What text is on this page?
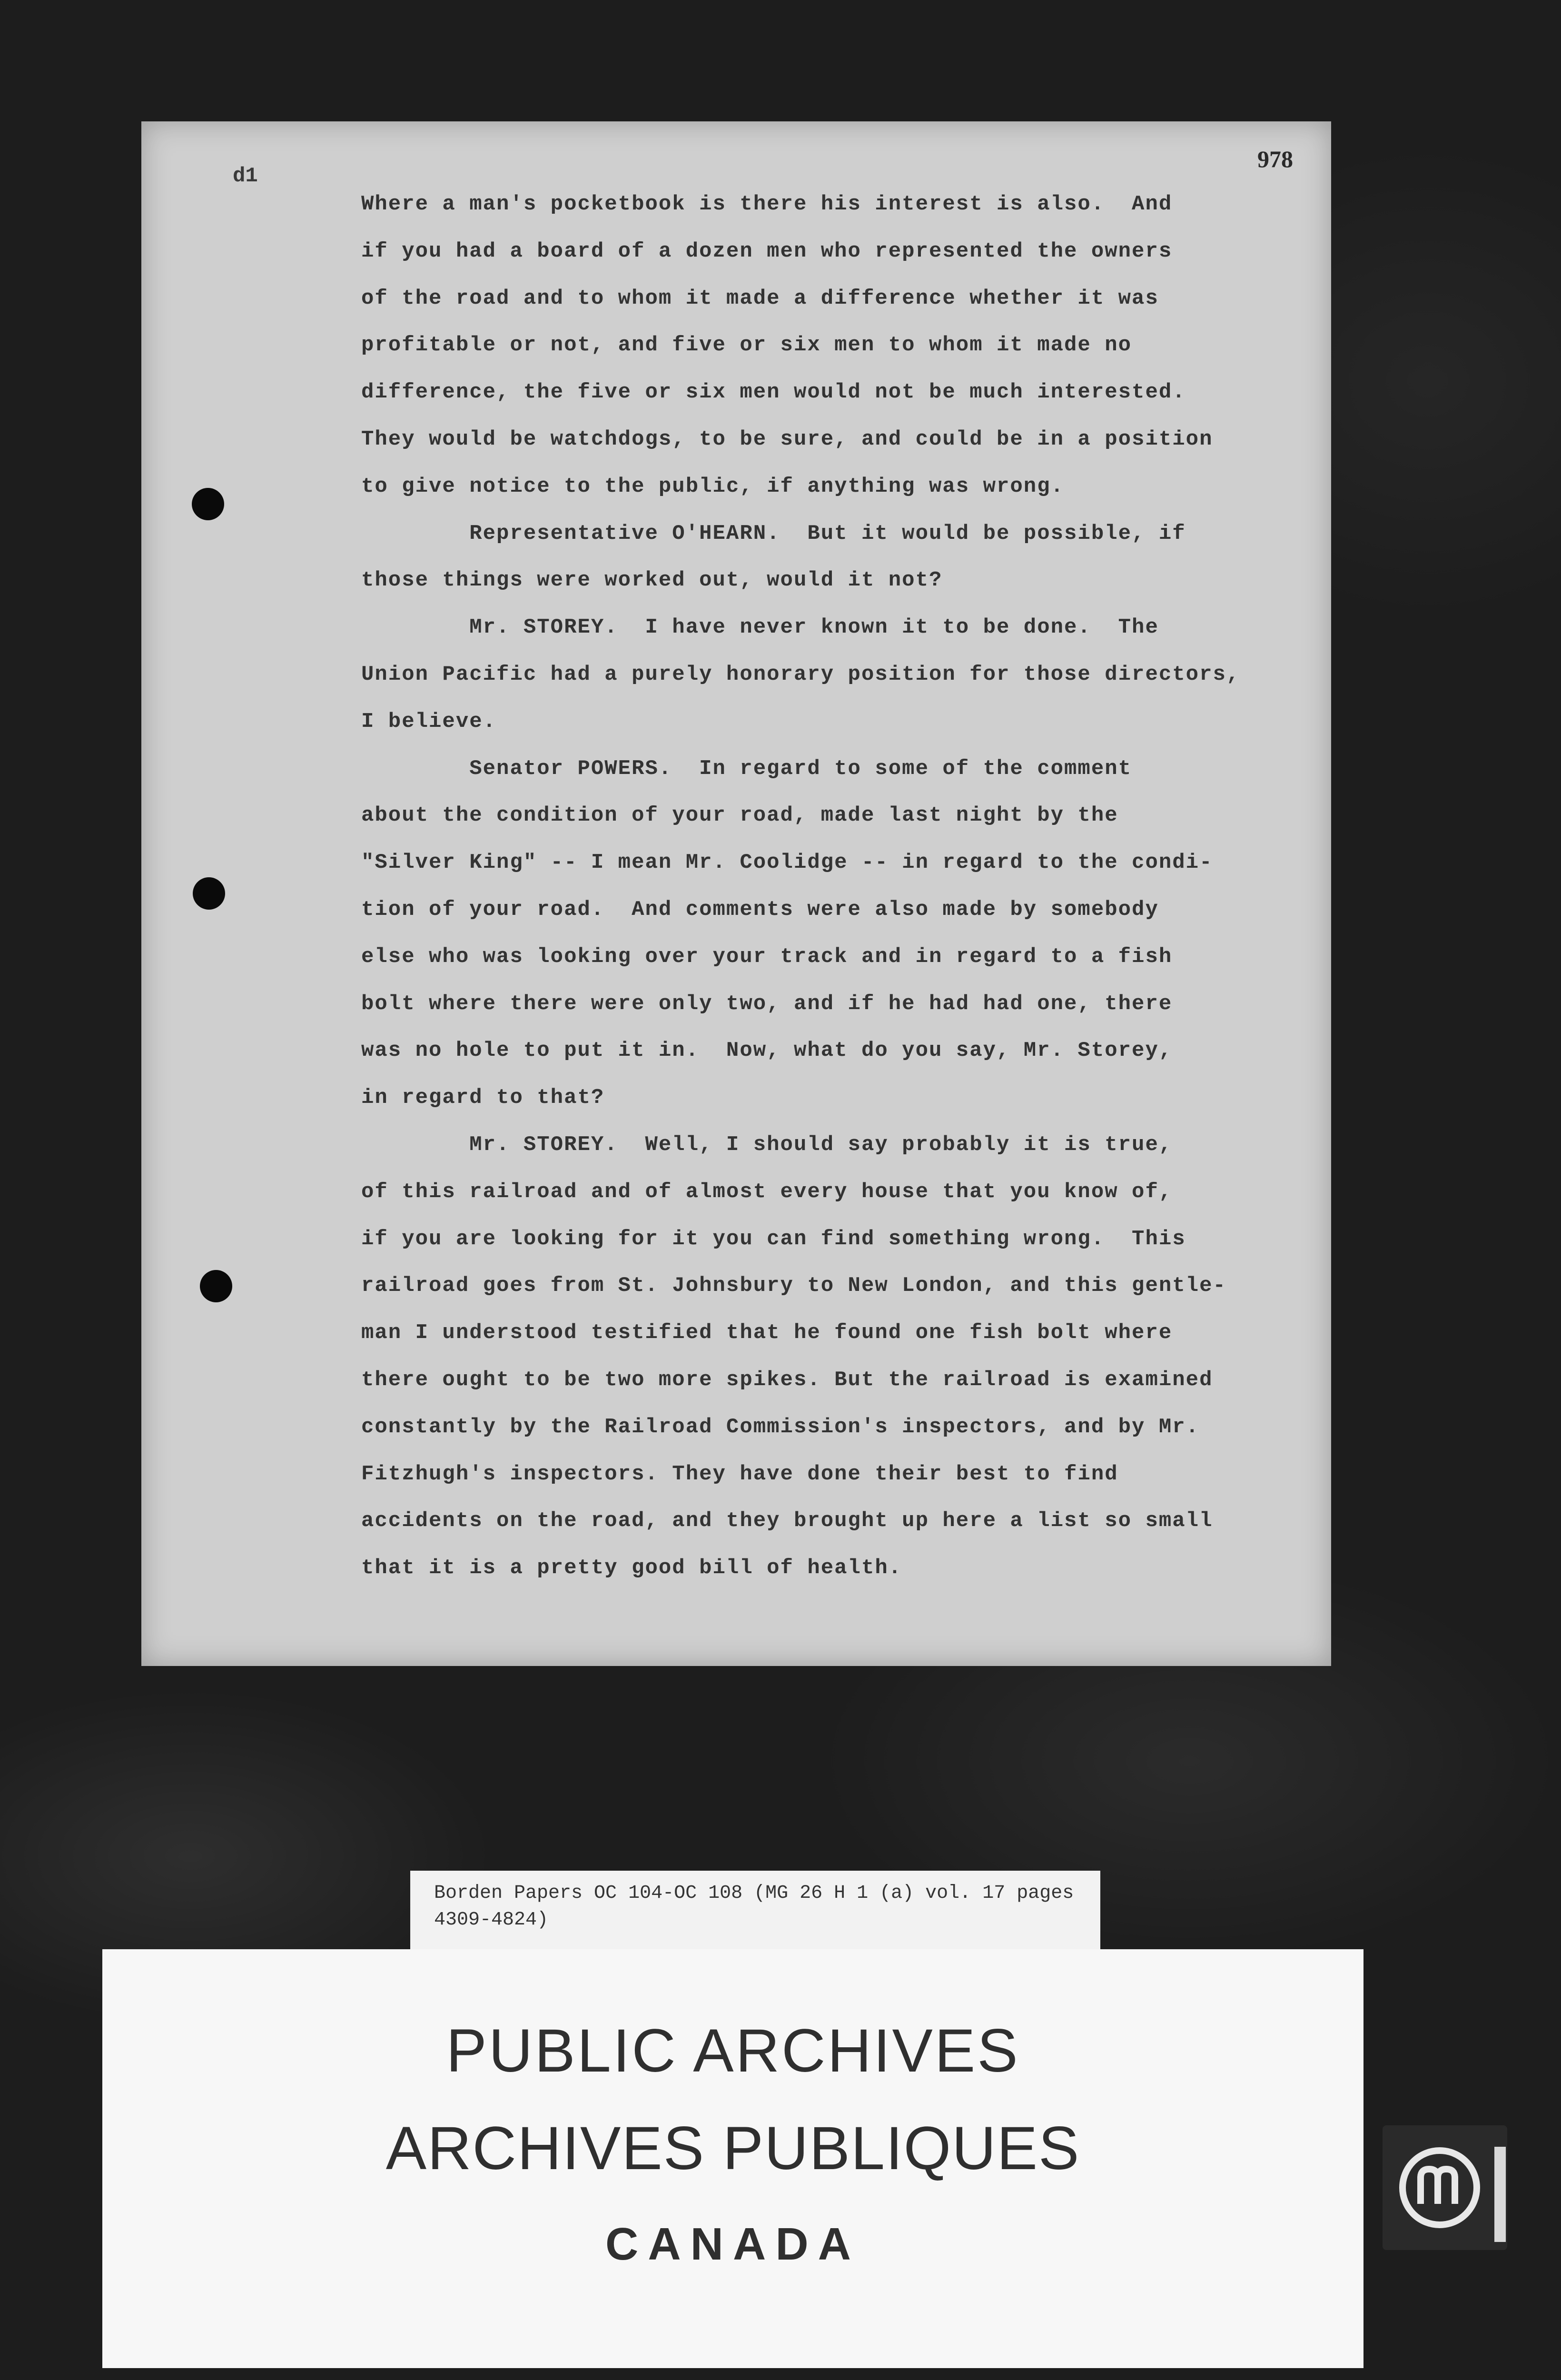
d1
978
Where a man's pocketbook is there his interest is also.  And
if you had a board of a dozen men who represented the owners
of the road and to whom it made a difference whether it was
profitable or not, and five or six men to whom it made no
difference, the five or six men would not be much interested.
They would be watchdogs, to be sure, and could be in a position
to give notice to the public, if anything was wrong.
Representative O'HEARN.  But it would be possible, if
those things were worked out, would it not?
Mr. STOREY.  I have never known it to be done.  The
Union Pacific had a purely honorary position for those directors,
I believe.
Senator POWERS.  In regard to some of the comment
about the condition of your road, made last night by the
"Silver King" -- I mean Mr. Coolidge -- in regard to the condi-
tion of your road.  And comments were also made by somebody
else who was looking over your track and in regard to a fish
bolt where there were only two, and if he had had one, there
was no hole to put it in.  Now, what do you say, Mr. Storey,
in regard to that?
Mr. STOREY.  Well, I should say probably it is true,
of this railroad and of almost every house that you know of,
if you are looking for it you can find something wrong.  This
railroad goes from St. Johnsbury to New London, and this gentle-
man I understood testified that he found one fish bolt where
there ought to be two more spikes. But the railroad is examined
constantly by the Railroad Commission's inspectors, and by Mr.
Fitzhugh's inspectors. They have done their best to find
accidents on the road, and they brought up here a list so small
that it is a pretty good bill of health.
Borden Papers OC 104-OC 108 (MG 26 H 1 (a) vol. 17 pages
4309-4824)
PUBLIC ARCHIVES
ARCHIVES PUBLIQUES
CANADA
